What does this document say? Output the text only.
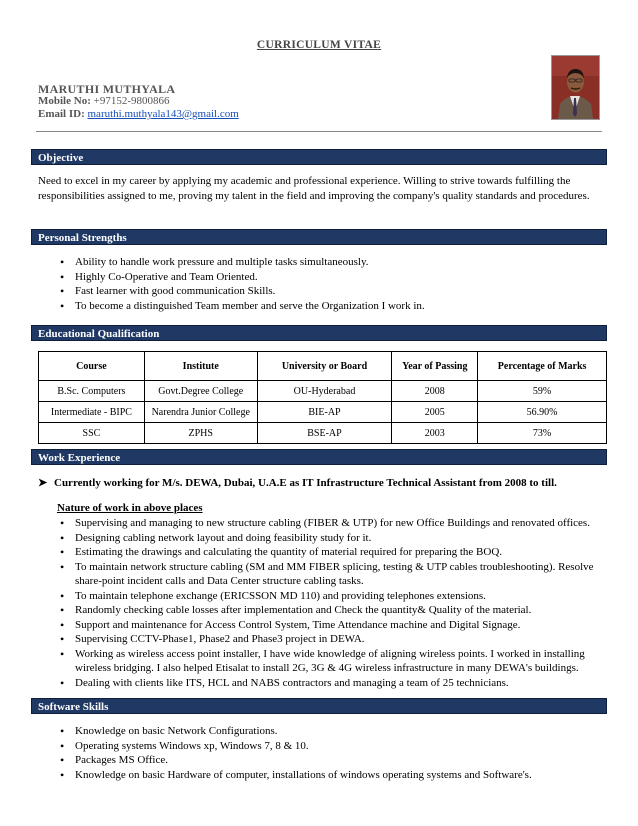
CURRICULUM VITAE
MARUTHI MUTHYALA
Mobile No: +97152-9800866
Email ID: maruthi.muthyala143@gmail.com
Objective
Need to excel in my career by applying my academic and professional experience. Willing to strive towards fulfilling the responsibilities assigned to me, proving my talent in the field and improving the company's quality standards and procedures.
Personal Strengths
• Ability to handle work pressure and multiple tasks simultaneously.
• Highly Co-Operative and Team Oriented.
• Fast learner with good communication Skills.
• To become a distinguished Team member and serve the Organization I work in.
Educational Qualification
Course	Institute	University or Board	Year of Passing	Percentage of Marks
B.Sc. Computers	Govt.Degree College	OU-Hyderabad	2008	59%
Intermediate - BIPC	Narendra Junior College	BIE-AP	2005	56.90%
SSC	ZPHS	BSE-AP	2003	73%
Work Experience
➤ Currently working for M/s. DEWA, Dubai, U.A.E as IT Infrastructure Technical Assistant from 2008 to till.
Nature of work in above places
• Supervising and managing to new structure cabling (FIBER & UTP) for new Office Buildings and renovated offices.
• Designing cabling network layout and doing feasibility study for it.
• Estimating the drawings and calculating the quantity of material required for preparing the BOQ.
• To maintain network structure cabling (SM and MM FIBER splicing, testing & UTP cables troubleshooting). Resolve share-point incident calls and Data Center structure cabling tasks.
• To maintain telephone exchange (ERICSSON MD 110) and providing telephones extensions.
• Randomly checking cable losses after implementation and Check the quantity& Quality of the material.
• Support and maintenance for Access Control System, Time Attendance machine and Digital Signage.
• Supervising CCTV-Phase1, Phase2 and Phase3 project in DEWA.
• Working as wireless access point installer, I have wide knowledge of aligning wireless points. I worked in installing wireless bridging. I also helped Etisalat to install 2G, 3G & 4G wireless infrastructure in many DEWA's buildings.
• Dealing with clients like ITS, HCL and NABS contractors and managing a team of 25 technicians.
Software Skills
• Knowledge on basic Network Configurations.
• Operating systems Windows xp, Windows 7, 8 & 10.
• Packages MS Office.
• Knowledge on basic Hardware of computer, installations of windows operating systems and Software's.
